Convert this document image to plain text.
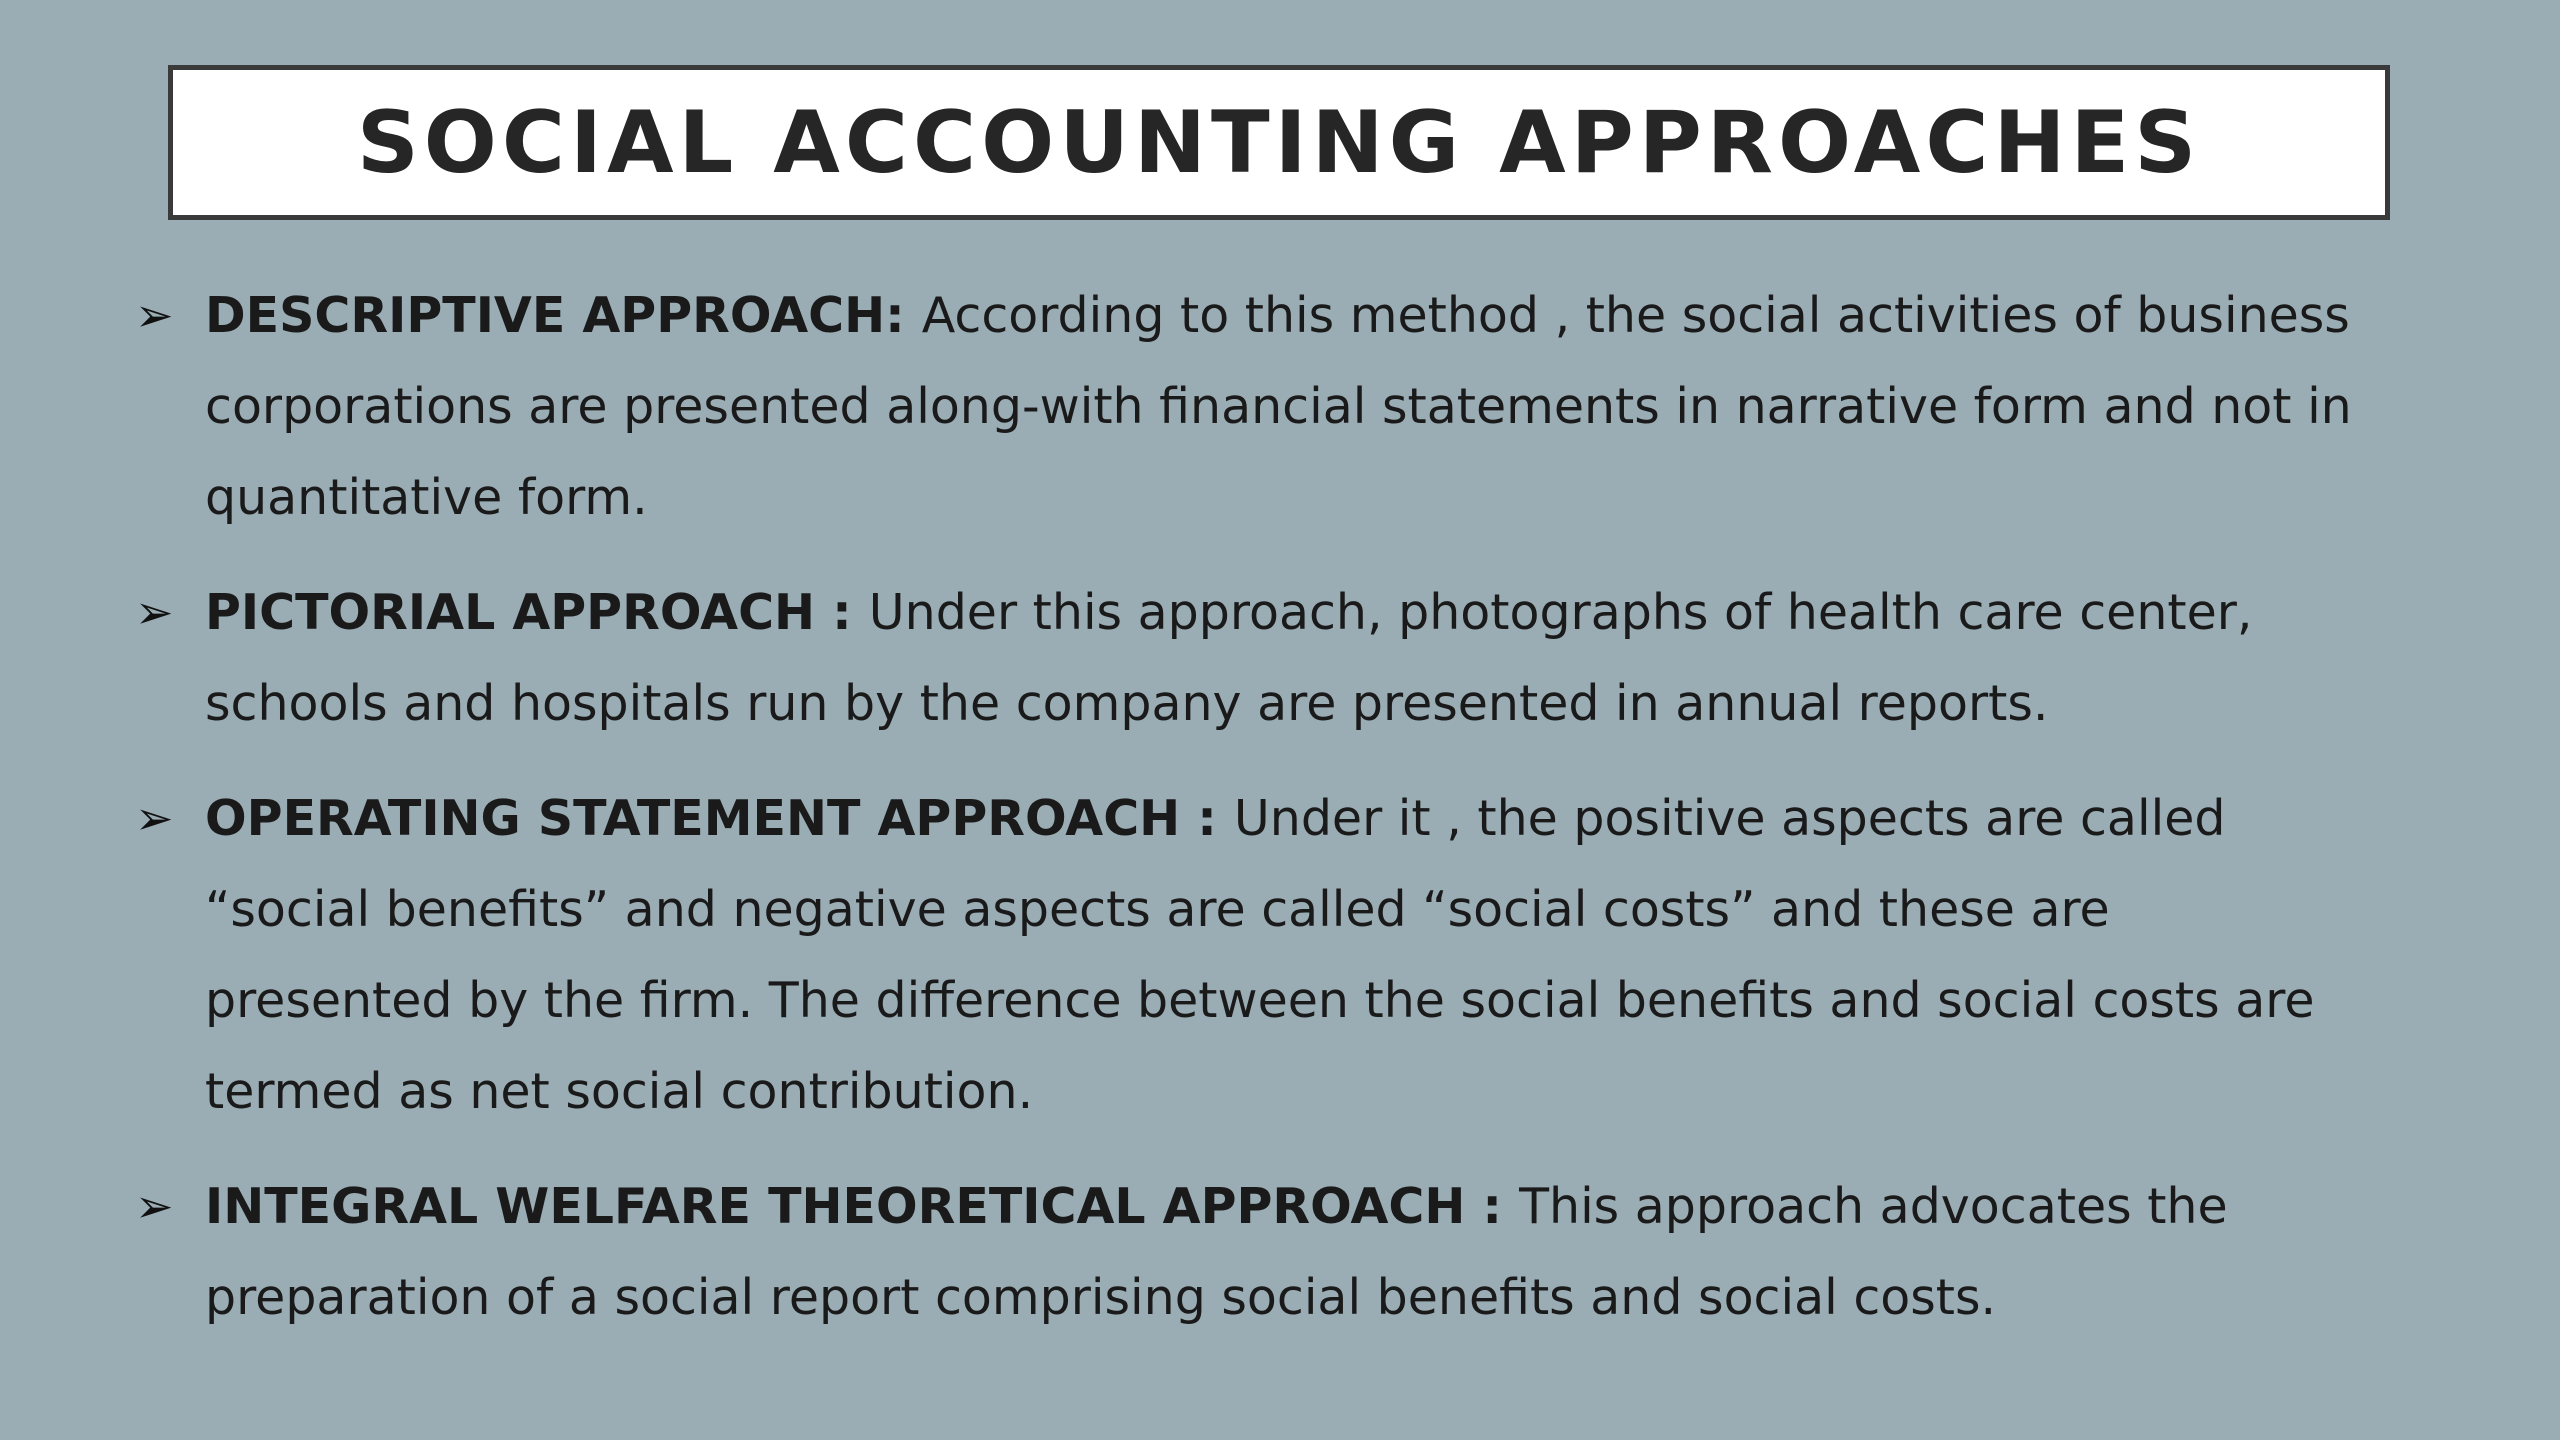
SOCIAL ACCOUNTING APPROACHES
➢ DESCRIPTIVE APPROACH: According to this method , the social activities of business corporations are presented along-with financial statements in narrative form and not in quantitative form.
➢ PICTORIAL APPROACH : Under this approach, photographs of health care center, schools and hospitals run by the company are presented in annual reports.
➢ OPERATING STATEMENT APPROACH : Under it , the positive aspects are called “social benefits” and negative aspects are called “social costs” and these are presented by the firm. The difference between the social benefits and social costs are termed as net social contribution.
➢ INTEGRAL WELFARE THEORETICAL APPROACH : This approach advocates the preparation of a social report comprising social benefits and social costs.
